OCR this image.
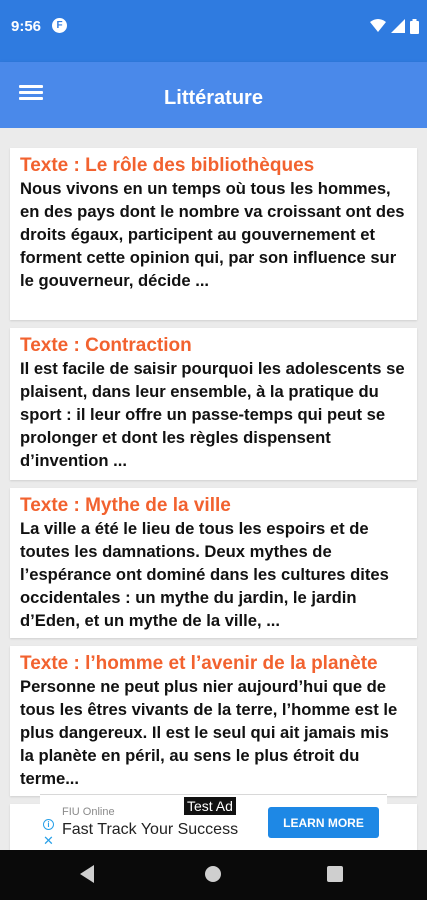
9:56	F
Littérature
Texte : Le rôle des bibliothèques
Nous vivons en un temps où tous les hommes, en des pays dont le nombre va croissant ont des droits égaux, participent au gouvernement et forment cette opinion qui, par son influence sur le gouverneur, décide ...
Texte : Contraction
Il est facile de saisir pourquoi les adolescents se plaisent, dans leur ensemble, à la pratique du sport : il leur offre un passe-temps qui peut se prolonger et dont les règles dispensent d’invention ...
Texte : Mythe de la ville
La ville a été le lieu de tous les espoirs et de toutes les damnations. Deux mythes de l’espérance ont dominé dans les cultures dites occidentales : un mythe du jardin, le jardin d’Eden, et un mythe de la ville, ...
Texte : l’homme et l’avenir de la planète
Personne ne peut plus nier aujourd’hui que de tous les êtres vivants de la terre, l’homme est le plus dangereux. Il est le seul qui ait jamais mis la planète en péril, au sens le plus étroit du terme...
Test Ad
i
✕
FIU Online
Fast Track Your Success	LEARN MORE
